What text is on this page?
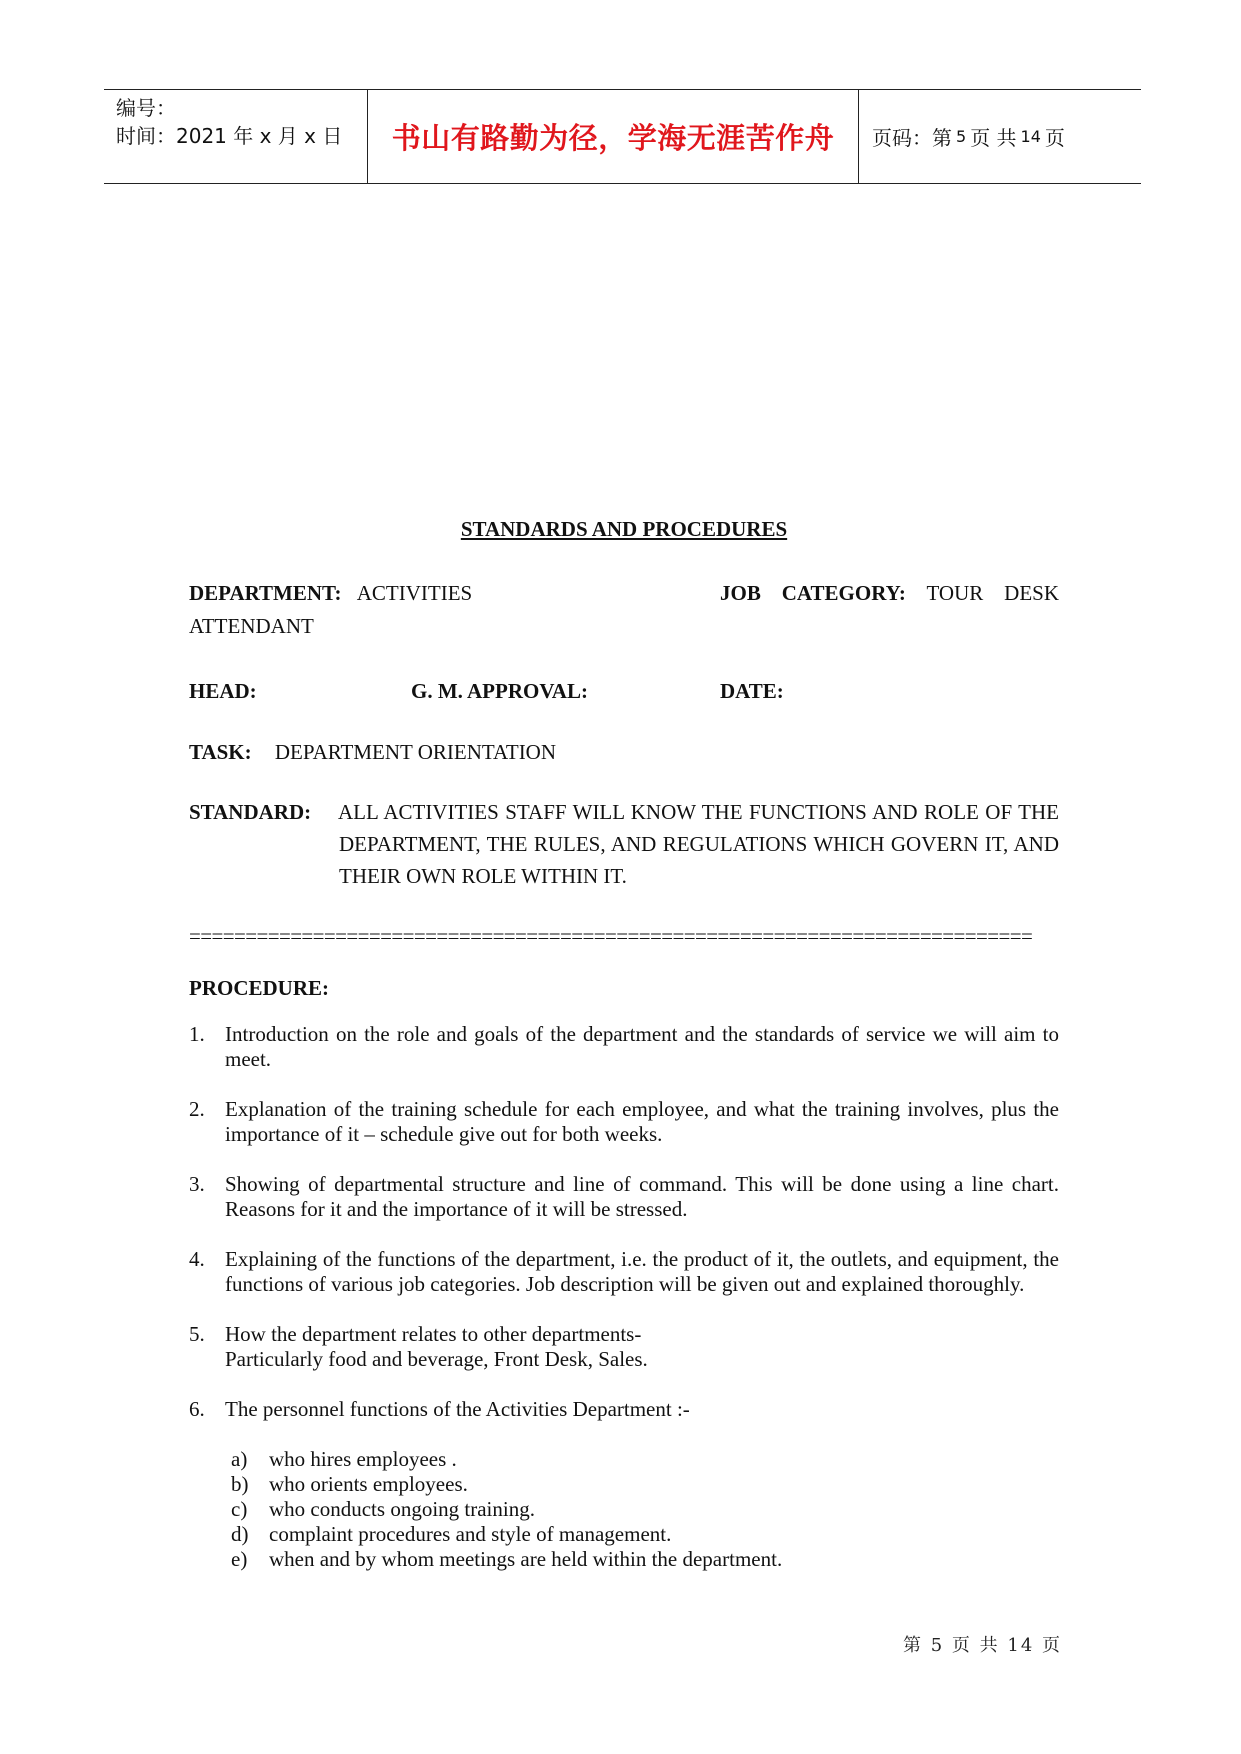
编号：
时间：2021 年 x 月 x 日	书山有路勤为径，学海无涯苦作舟	页码：第 5 页 共 14 页
STANDARDS AND PROCEDURES
DEPARTMENT: ACTIVITIES	JOB CATEGORY: TOUR DESK
ATTENDANT
HEAD:	G. M. APPROVAL:	DATE:
TASK: DEPARTMENT ORIENTATION
STANDARD: ALL ACTIVITIES STAFF WILL KNOW THE FUNCTIONS AND ROLE OF THE DEPARTMENT, THE RULES, AND REGULATIONS WHICH GOVERN IT, AND THEIR OWN ROLE WITHIN IT.
===========================================================================
PROCEDURE:
1. Introduction on the role and goals of the department and the standards of service we will aim to meet.
2. Explanation of the training schedule for each employee, and what the training involves, plus the importance of it – schedule give out for both weeks.
3. Showing of departmental structure and line of command. This will be done using a line chart. Reasons for it and the importance of it will be stressed.
4. Explaining of the functions of the department, i.e. the product of it, the outlets, and equipment, the functions of various job categories. Job description will be given out and explained thoroughly.
5. How the department relates to other departments-
Particularly food and beverage, Front Desk, Sales.
6. The personnel functions of the Activities Department :-
a) who hires employees .
b) who orients employees.
c) who conducts ongoing training.
d) complaint procedures and style of management.
e) when and by whom meetings are held within the department.
第 5 页 共 14 页
